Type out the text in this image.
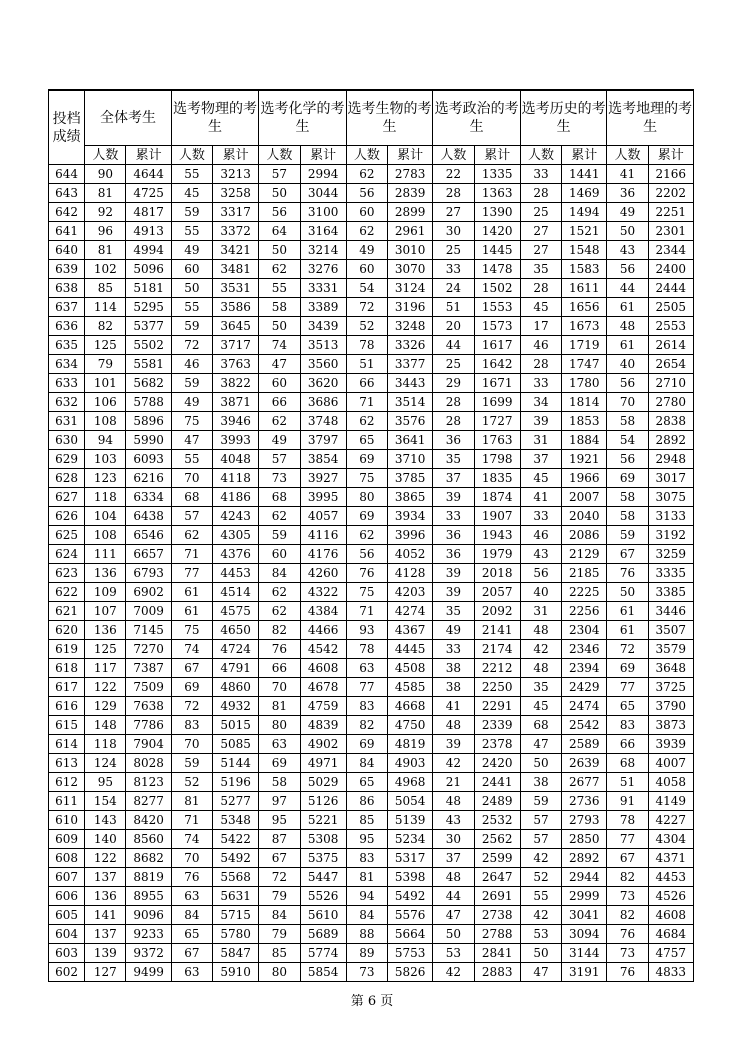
投档成绩	全体考生		选考物理的考生		选考化学的考生		选考生物的考生		选考政治的考生		选考历史的考生		选考地理的考生	
	人数	累计	人数	累计	人数	累计	人数	累计	人数	累计	人数	累计	人数	累计
644	90	4644	55	3213	57	2994	62	2783	22	1335	33	1441	41	2166
643	81	4725	45	3258	50	3044	56	2839	28	1363	28	1469	36	2202
642	92	4817	59	3317	56	3100	60	2899	27	1390	25	1494	49	2251
641	96	4913	55	3372	64	3164	62	2961	30	1420	27	1521	50	2301
640	81	4994	49	3421	50	3214	49	3010	25	1445	27	1548	43	2344
639	102	5096	60	3481	62	3276	60	3070	33	1478	35	1583	56	2400
638	85	5181	50	3531	55	3331	54	3124	24	1502	28	1611	44	2444
637	114	5295	55	3586	58	3389	72	3196	51	1553	45	1656	61	2505
636	82	5377	59	3645	50	3439	52	3248	20	1573	17	1673	48	2553
635	125	5502	72	3717	74	3513	78	3326	44	1617	46	1719	61	2614
634	79	5581	46	3763	47	3560	51	3377	25	1642	28	1747	40	2654
633	101	5682	59	3822	60	3620	66	3443	29	1671	33	1780	56	2710
632	106	5788	49	3871	66	3686	71	3514	28	1699	34	1814	70	2780
631	108	5896	75	3946	62	3748	62	3576	28	1727	39	1853	58	2838
630	94	5990	47	3993	49	3797	65	3641	36	1763	31	1884	54	2892
629	103	6093	55	4048	57	3854	69	3710	35	1798	37	1921	56	2948
628	123	6216	70	4118	73	3927	75	3785	37	1835	45	1966	69	3017
627	118	6334	68	4186	68	3995	80	3865	39	1874	41	2007	58	3075
626	104	6438	57	4243	62	4057	69	3934	33	1907	33	2040	58	3133
625	108	6546	62	4305	59	4116	62	3996	36	1943	46	2086	59	3192
624	111	6657	71	4376	60	4176	56	4052	36	1979	43	2129	67	3259
623	136	6793	77	4453	84	4260	76	4128	39	2018	56	2185	76	3335
622	109	6902	61	4514	62	4322	75	4203	39	2057	40	2225	50	3385
621	107	7009	61	4575	62	4384	71	4274	35	2092	31	2256	61	3446
620	136	7145	75	4650	82	4466	93	4367	49	2141	48	2304	61	3507
619	125	7270	74	4724	76	4542	78	4445	33	2174	42	2346	72	3579
618	117	7387	67	4791	66	4608	63	4508	38	2212	48	2394	69	3648
617	122	7509	69	4860	70	4678	77	4585	38	2250	35	2429	77	3725
616	129	7638	72	4932	81	4759	83	4668	41	2291	45	2474	65	3790
615	148	7786	83	5015	80	4839	82	4750	48	2339	68	2542	83	3873
614	118	7904	70	5085	63	4902	69	4819	39	2378	47	2589	66	3939
613	124	8028	59	5144	69	4971	84	4903	42	2420	50	2639	68	4007
612	95	8123	52	5196	58	5029	65	4968	21	2441	38	2677	51	4058
611	154	8277	81	5277	97	5126	86	5054	48	2489	59	2736	91	4149
610	143	8420	71	5348	95	5221	85	5139	43	2532	57	2793	78	4227
609	140	8560	74	5422	87	5308	95	5234	30	2562	57	2850	77	4304
608	122	8682	70	5492	67	5375	83	5317	37	2599	42	2892	67	4371
607	137	8819	76	5568	72	5447	81	5398	48	2647	52	2944	82	4453
606	136	8955	63	5631	79	5526	94	5492	44	2691	55	2999	73	4526
605	141	9096	84	5715	84	5610	84	5576	47	2738	42	3041	82	4608
604	137	9233	65	5780	79	5689	88	5664	50	2788	53	3094	76	4684
603	139	9372	67	5847	85	5774	89	5753	53	2841	50	3144	73	4757
602	127	9499	63	5910	80	5854	73	5826	42	2883	47	3191	76	4833
第 6 页
